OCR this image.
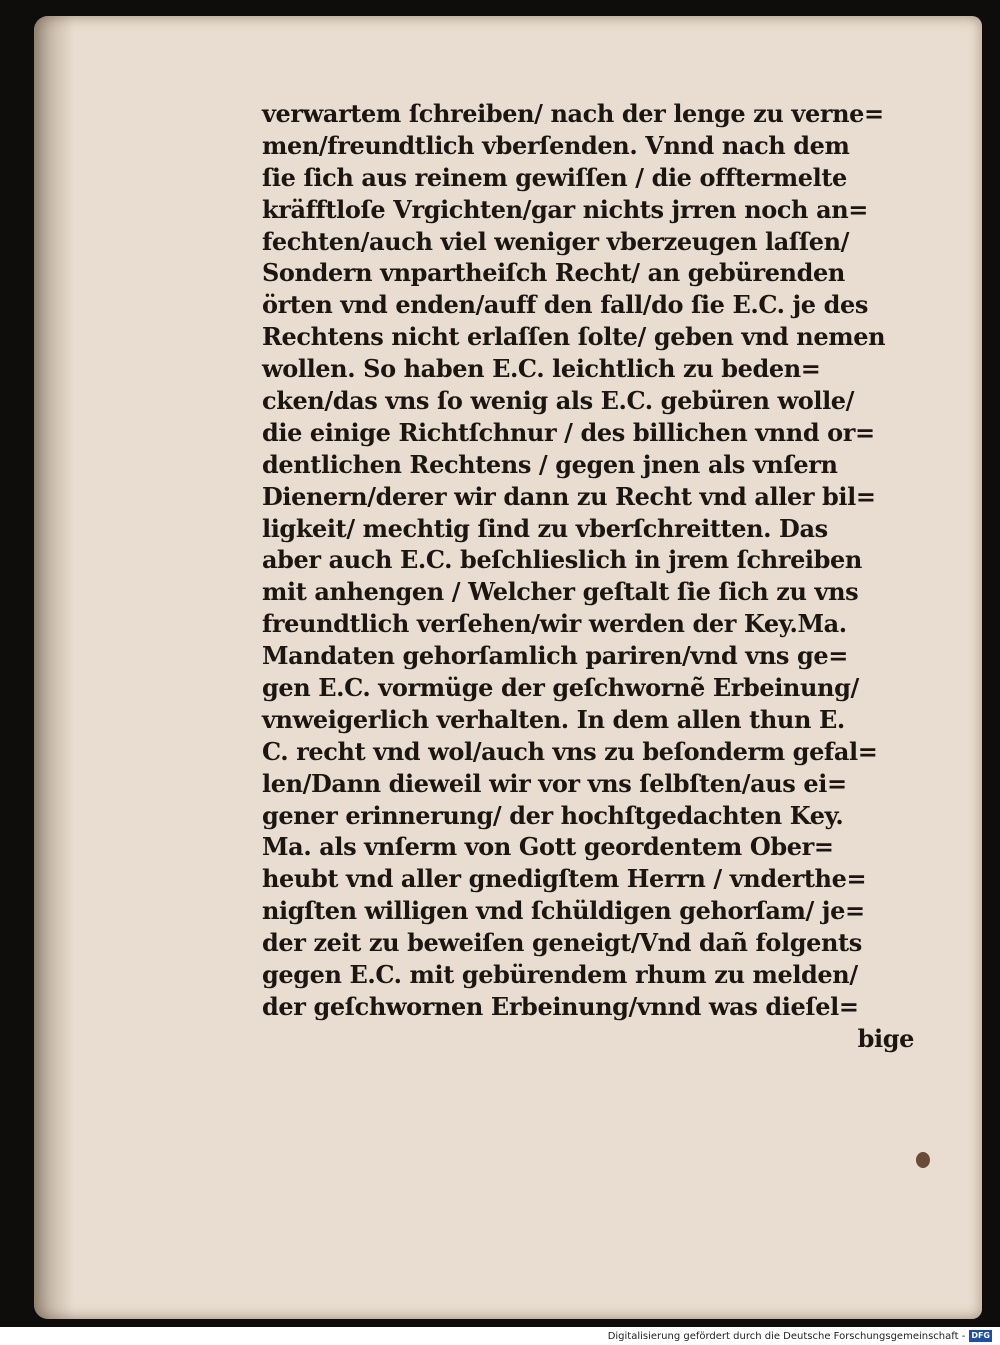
verwartem ſchreiben/ nach der lenge zu verne=
men/freundtlich vberſenden. Vnnd nach dem
ſie ſich aus reinem gewiſſen / die offtermelte
kräfftloſe Vrgichten/gar nichts jrren noch an=
fechten/auch viel weniger vberzeugen laſſen/
Sondern vnpartheiſch Recht/ an gebürenden
örten vnd enden/auff den fall/do ſie E.C. je des
Rechtens nicht erlaſſen ſolte/ geben vnd nemen
wollen. So haben E.C. leichtlich zu beden=
cken/das vns ſo wenig als E.C. gebüren wolle/
die einige Richtſchnur / des billichen vnnd or=
dentlichen Rechtens / gegen jnen als vnſern
Dienern/derer wir dann zu Recht vnd aller bil=
ligkeit/ mechtig ſind zu vberſchreitten. Das
aber auch E.C. beſchlieslich in jrem ſchreiben
mit anhengen / Welcher geſtalt ſie ſich zu vns
freundtlich verſehen/wir werden der Key.Ma.
Mandaten gehorſamlich pariren/vnd vns ge=
gen E.C. vormüge der geſchwornẽ Erbeinung/
vnweigerlich verhalten. In dem allen thun E.
C. recht vnd wol/auch vns zu beſonderm gefal=
len/Dann dieweil wir vor vns ſelbſten/aus ei=
gener erinnerung/ der hochſtgedachten Key.
Ma. als vnſerm von Gott geordentem Ober=
heubt vnd aller gnedigſtem Herrn / vnderthe=
nigſten willigen vnd ſchüldigen gehorſam/ je=
der zeit zu beweiſen geneigt/Vnd dañ folgents
gegen E.C. mit gebürendem rhum zu melden/
der geſchwornen Erbeinung/vnnd was dieſel=
bige
Digitalisierung gefördert durch die Deutsche Forschungsgemeinschaft - DFG
